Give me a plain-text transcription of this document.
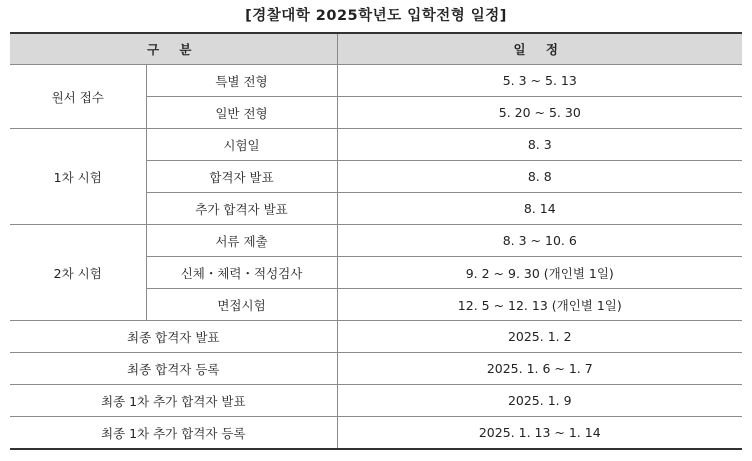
[경찰대학 2025학년도 입학전형 일정]
구 분		일 정
원서 접수	특별 전형	5. 3 ~ 5. 13
	일반 전형	5. 20 ~ 5. 30
1차 시험	시험일	8. 3
	합격자 발표	8. 8
	추가 합격자 발표	8. 14
2차 시험	서류 제출	8. 3 ~ 10. 6
	신체・체력・적성검사	9. 2 ~ 9. 30 (개인별 1일)
	면접시험	12. 5 ~ 12. 13 (개인별 1일)
최종 합격자 발표		2025. 1. 2
최종 합격자 등록		2025. 1. 6 ~ 1. 7
최종 1차 추가 합격자 발표		2025. 1. 9
최종 1차 추가 합격자 등록		2025. 1. 13 ~ 1. 14
